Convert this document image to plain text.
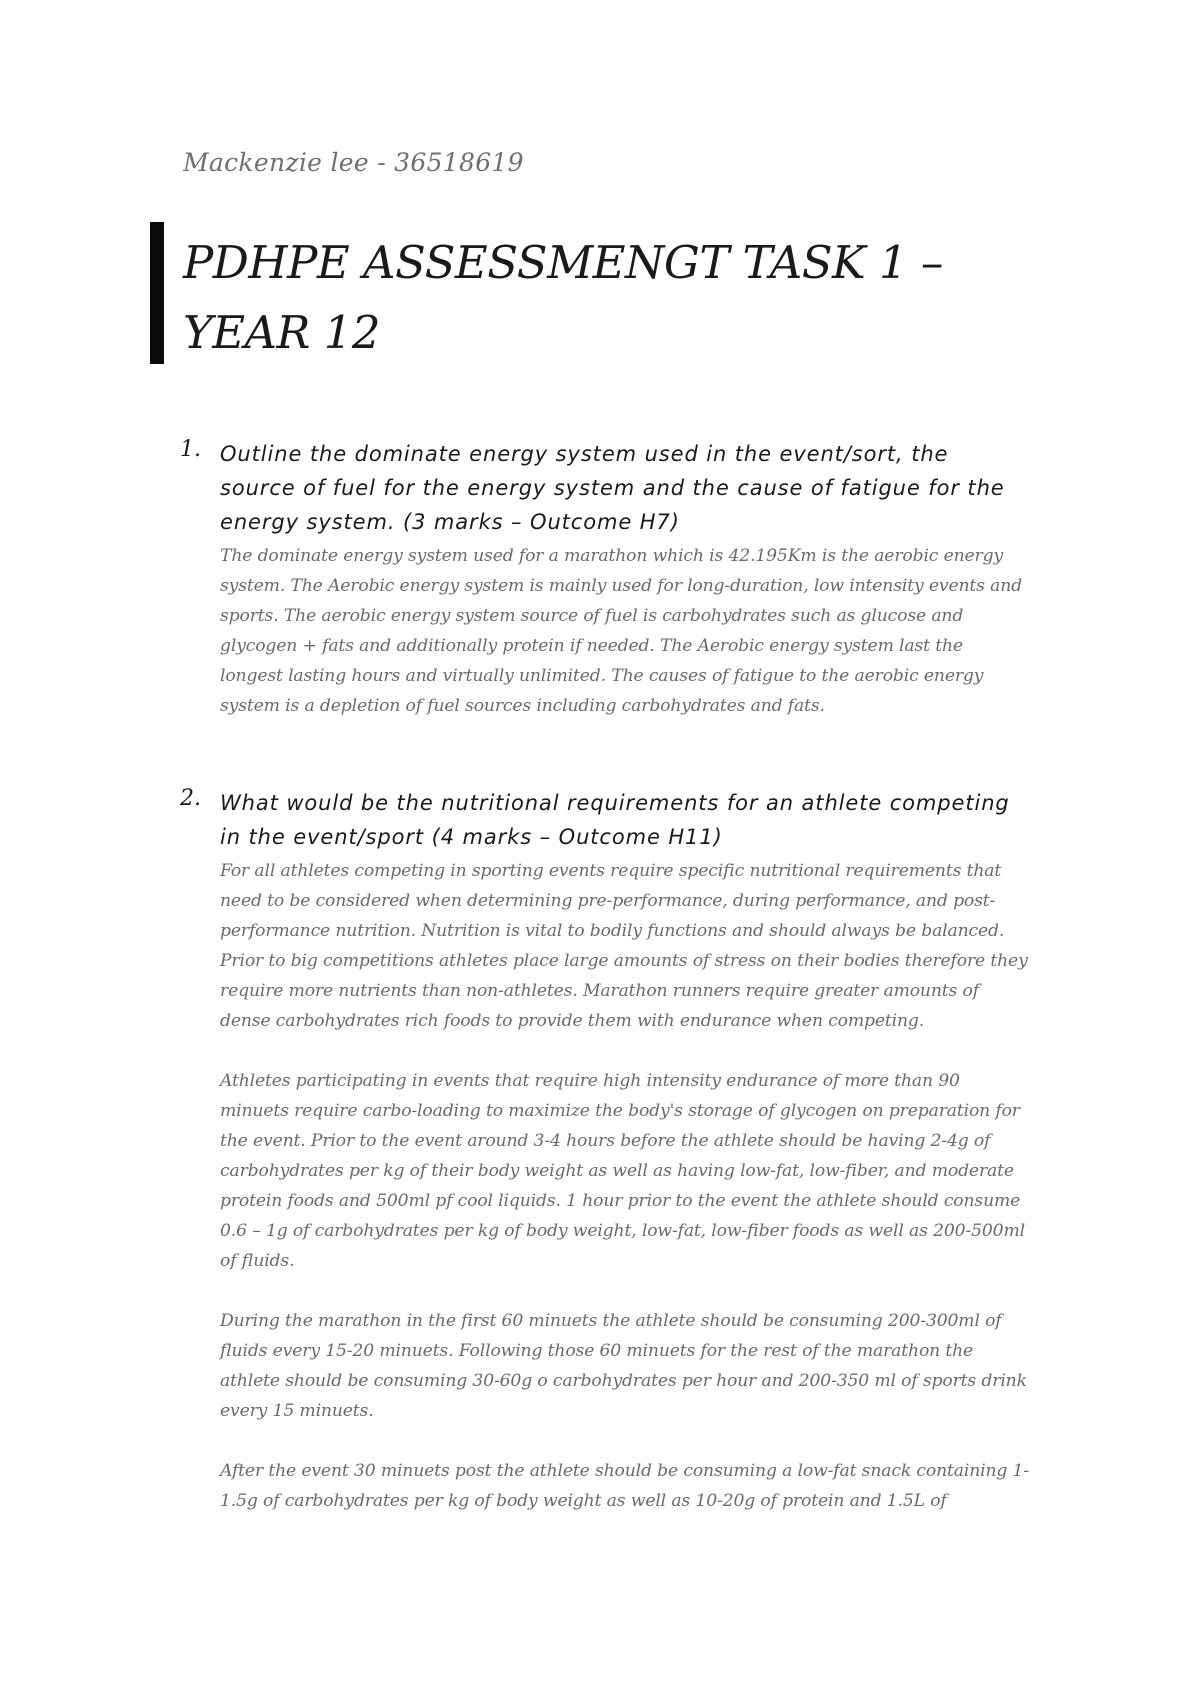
Mackenzie lee - 36518619
PDHPE ASSESSMENGT TASK 1 –
YEAR 12
1. Outline the dominate energy system used in the event/sort, the source of fuel for the energy system and the cause of fatigue for the energy system. (3 marks – Outcome H7)

The dominate energy system used for a marathon which is 42.195Km is the aerobic energy system. The Aerobic energy system is mainly used for long-duration, low intensity events and sports. The aerobic energy system source of fuel is carbohydrates such as glucose and glycogen + fats and additionally protein if needed. The Aerobic energy system last the longest lasting hours and virtually unlimited. The causes of fatigue to the aerobic energy system is a depletion of fuel sources including carbohydrates and fats.

2. What would be the nutritional requirements for an athlete competing in the event/sport (4 marks – Outcome H11)

For all athletes competing in sporting events require specific nutritional requirements that need to be considered when determining pre-performance, during performance, and post-performance nutrition. Nutrition is vital to bodily functions and should always be balanced. Prior to big competitions athletes place large amounts of stress on their bodies therefore they require more nutrients than non-athletes. Marathon runners require greater amounts of dense carbohydrates rich foods to provide them with endurance when competing.

Athletes participating in events that require high intensity endurance of more than 90 minuets require carbo-loading to maximize the body's storage of glycogen on preparation for the event. Prior to the event around 3-4 hours before the athlete should be having 2-4g of carbohydrates per kg of their body weight as well as having low-fat, low-fiber, and moderate protein foods and 500ml pf cool liquids. 1 hour prior to the event the athlete should consume 0.6 – 1g of carbohydrates per kg of body weight, low-fat, low-fiber foods as well as 200-500ml of fluids.

During the marathon in the first 60 minuets the athlete should be consuming 200-300ml of fluids every 15-20 minuets. Following those 60 minuets for the rest of the marathon the athlete should be consuming 30-60g o carbohydrates per hour and 200-350 ml of sports drink every 15 minuets.

After the event 30 minuets post the athlete should be consuming a low-fat snack containing 1-1.5g of carbohydrates per kg of body weight as well as 10-20g of protein and 1.5L of
